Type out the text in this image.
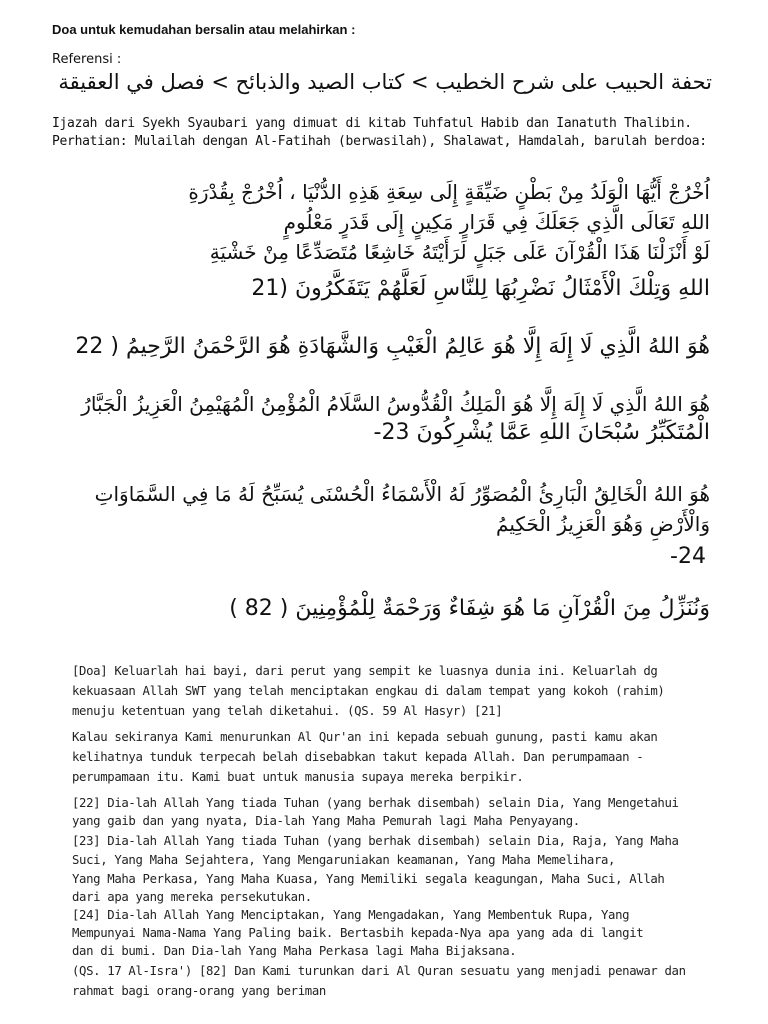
Doa untuk kemudahan bersalin atau melahirkan :
Referensi :
تحفة الحبيب على شرح الخطيب > كتاب الصيد والذبائح > فصل في العقيقة
Ijazah dari Syekh Syaubari yang dimuat di kitab Tuhfatul Habib dan Ianatuth Thalibin.
Perhatian: Mulailah dengan Al-Fatihah (berwasilah), Shalawat, Hamdalah, barulah berdoa:
اُخْرُجْ أَيُّهَا الْوَلَدُ مِنْ بَطْنٍ ضَيِّقَةٍ إِلَى سِعَةِ هَذِهِ الدُّنْيَا ، اُخْرُجْ بِقُدْرَةِ
اللهِ تَعَالَى الَّذِي جَعَلَكَ فِي قَرَارٍ مَكِينٍ إِلَى قَدَرٍ مَعْلُومٍ
لَوْ أَنْزَلْنَا هَذَا الْقُرْآنَ عَلَى جَبَلٍ لَرَأَيْتَهُ خَاشِعًا مُتَصَدِّعًا مِنْ خَشْيَةِ
اللهِ وَتِلْكَ الْأَمْثَالُ نَضْرِبُهَا لِلنَّاسِ لَعَلَّهُمْ يَتَفَكَّرُونَ (21
هُوَ اللهُ الَّذِي لَا إِلَهَ إِلَّا هُوَ عَالِمُ الْغَيْبِ وَالشَّهَادَةِ هُوَ الرَّحْمَنُ الرَّحِيمُ ( 22
هُوَ اللهُ الَّذِي لَا إِلَهَ إِلَّا هُوَ الْمَلِكُ الْقُدُّوسُ السَّلَامُ الْمُؤْمِنُ الْمُهَيْمِنُ الْعَزِيزُ الْجَبَّارُ
الْمُتَكَبِّرُ سُبْحَانَ اللهِ عَمَّا يُشْرِكُونَ 23-
هُوَ اللهُ الْخَالِقُ الْبَارِئُ الْمُصَوِّرُ لَهُ الْأَسْمَاءُ الْحُسْنَى يُسَبِّحُ لَهُ مَا فِي السَّمَاوَاتِ
وَالْأَرْضِ وَهُوَ الْعَزِيزُ الْحَكِيمُ
24-
وَنُنَزِّلُ مِنَ الْقُرْآنِ مَا هُوَ شِفَاءٌ وَرَحْمَةٌ لِلْمُؤْمِنِينَ ( 82 )
[Doa] Keluarlah hai bayi, dari perut yang sempit ke luasnya dunia ini. Keluarlah dg
kekuasaan Allah SWT yang telah menciptakan engkau di dalam tempat yang kokoh (rahim)
menuju ketentuan yang telah diketahui. (QS. 59 Al Hasyr) [21]
Kalau sekiranya Kami menurunkan Al Qur'an ini kepada sebuah gunung, pasti kamu akan
kelihatnya tunduk terpecah belah disebabkan takut kepada Allah. Dan perumpamaan -
perumpamaan itu. Kami buat untuk manusia supaya mereka berpikir.
[22] Dia-lah Allah Yang tiada Tuhan (yang berhak disembah) selain Dia, Yang Mengetahui
yang gaib dan yang nyata, Dia-lah Yang Maha Pemurah lagi Maha Penyayang.
[23] Dia-lah Allah Yang tiada Tuhan (yang berhak disembah) selain Dia, Raja, Yang Maha
Suci, Yang Maha Sejahtera, Yang Mengaruniakan keamanan, Yang Maha Memelihara,
Yang Maha Perkasa, Yang Maha Kuasa, Yang Memiliki segala keagungan, Maha Suci, Allah
dari apa yang mereka persekutukan.
[24] Dia-lah Allah Yang Menciptakan, Yang Mengadakan, Yang Membentuk Rupa, Yang
Mempunyai Nama-Nama Yang Paling baik. Bertasbih kepada-Nya apa yang ada di langit
dan di bumi. Dan Dia-lah Yang Maha Perkasa lagi Maha Bijaksana.
(QS. 17 Al-Isra') [82] Dan Kami turunkan dari Al Quran sesuatu yang menjadi penawar dan
rahmat bagi orang-orang yang beriman
